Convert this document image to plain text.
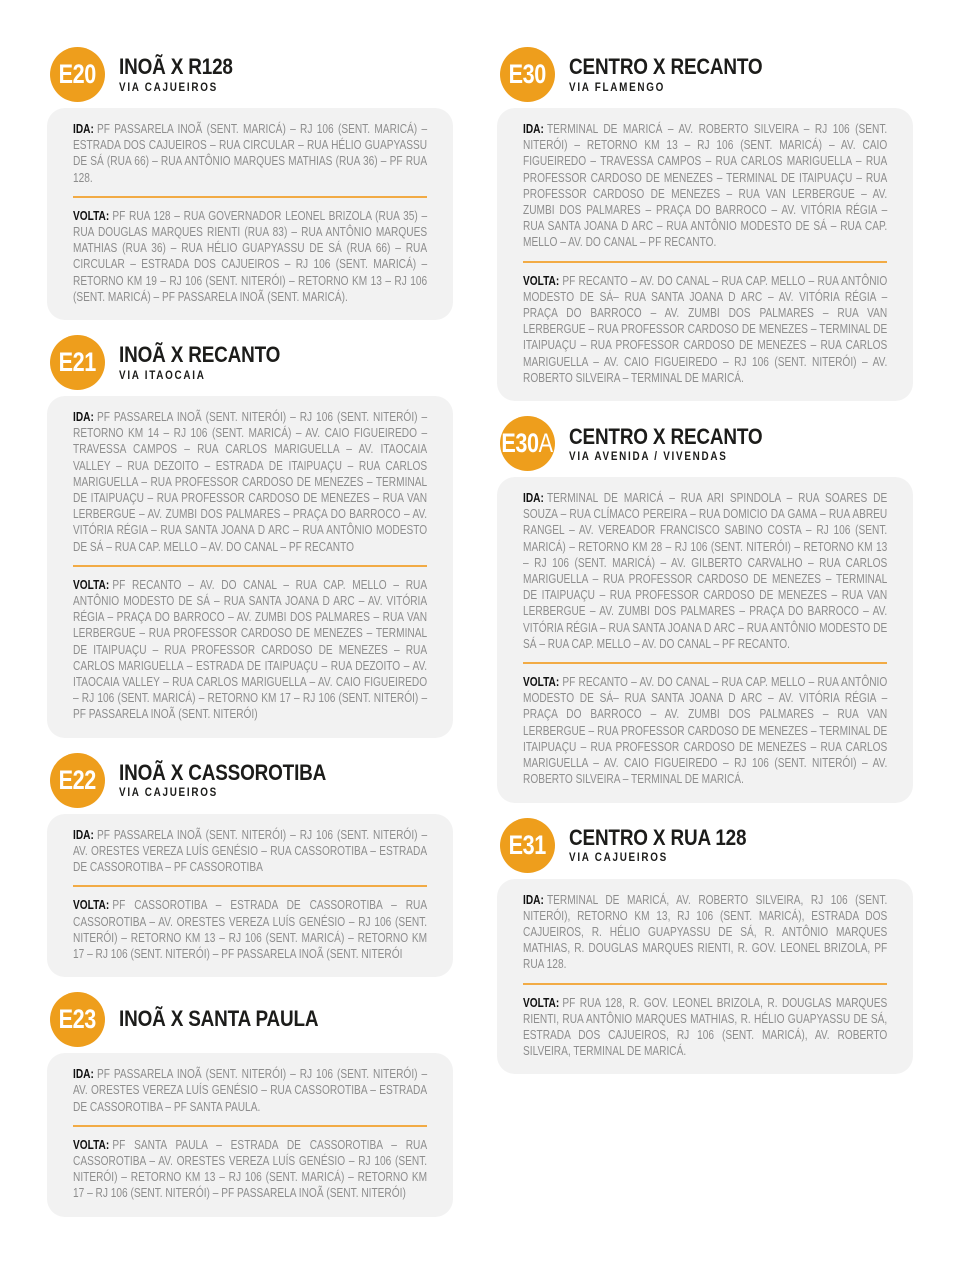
E20 INOÃ X R128
VIA CAJUEIROS

IDA: PF PASSARELA INOÃ (SENT. MARICÁ) – RJ 106 (SENT. MARICÁ) – ESTRADA DOS CAJUEIROS – RUA CIRCULAR – RUA HÉLIO GUAPYASSU DE SÁ (RUA 66) – RUA ANTÔNIO MARQUES MATHIAS (RUA 36) – PF RUA 128.

VOLTA: PF RUA 128 – RUA GOVERNADOR LEONEL BRIZOLA (RUA 35) – RUA DOUGLAS MARQUES RIENTI (RUA 83) – RUA ANTÔNIO MARQUES MATHIAS (RUA 36) – RUA HÉLIO GUAPYASSU DE SÁ (RUA 66) – RUA CIRCULAR – ESTRADA DOS CAJUEIROS – RJ 106 (SENT. MARICÁ) – RETORNO KM 19 – RJ 106 (SENT. NITERÓI) – RETORNO KM 13 – RJ 106 (SENT. MARICÁ) – PF PASSARELA INOÃ (SENT. MARICÁ).

E21 INOÃ X RECANTO
VIA ITAOCAIA

IDA: PF PASSARELA INOÃ (SENT. NITERÓI) – RJ 106 (SENT. NITERÓI) – RETORNO KM 14 – RJ 106 (SENT. MARICÁ) – AV. CAIO FIGUEIREDO – TRAVESSA CAMPOS – RUA CARLOS MARIGUELLA – AV. ITAOCAIA VALLEY – RUA DEZOITO – ESTRADA DE ITAIPUAÇU – RUA CARLOS MARIGUELLA – RUA PROFESSOR CARDOSO DE MENEZES – TERMINAL DE ITAIPUAÇU – RUA PROFESSOR CARDOSO DE MENEZES – RUA VAN LERBERGUE – AV. ZUMBI DOS PALMARES – PRAÇA DO BARROCO – AV. VITÓRIA RÉGIA – RUA SANTA JOANA D ARC – RUA ANTÔNIO MODESTO DE SÁ – RUA CAP. MELLO – AV. DO CANAL – PF RECANTO

VOLTA: PF RECANTO – AV. DO CANAL – RUA CAP. MELLO – RUA ANTÔNIO MODESTO DE SÁ – RUA SANTA JOANA D ARC – AV. VITÓRIA RÉGIA – PRAÇA DO BARROCO – AV. ZUMBI DOS PALMARES – RUA VAN LERBERGUE – RUA PROFESSOR CARDOSO DE MENEZES – TERMINAL DE ITAIPUAÇU – RUA PROFESSOR CARDOSO DE MENEZES – RUA CARLOS MARIGUELLA – ESTRADA DE ITAIPUAÇU – RUA DEZOITO – AV. ITAOCAIA VALLEY – RUA CARLOS MARIGUELLA – AV. CAIO FIGUEIREDO – RJ 106 (SENT. MARICÁ) – RETORNO KM 17 – RJ 106 (SENT. NITERÓI) – PF PASSARELA INOÃ (SENT. NITERÓI)

E22 INOÃ X CASSOROTIBA
VIA CAJUEIROS

IDA: PF PASSARELA INOÃ (SENT. NITERÓI) – RJ 106 (SENT. NITERÓI) – AV. ORESTES VEREZA LUÍS GENÉSIO – RUA CASSOROTIBA – ESTRADA DE CASSOROTIBA – PF CASSOROTIBA

VOLTA: PF CASSOROTIBA – ESTRADA DE CASSOROTIBA – RUA CASSOROTIBA – AV. ORESTES VEREZA LUÍS GENÉSIO – RJ 106 (SENT. NITERÓI) – RETORNO KM 13 – RJ 106 (SENT. MARICÁ) – RETORNO KM 17 – RJ 106 (SENT. NITERÓI) – PF PASSARELA INOÃ (SENT. NITERÓI

E23 INOÃ X SANTA PAULA

IDA: PF PASSARELA INOÃ (SENT. NITERÓI) – RJ 106 (SENT. NITERÓI) – AV. ORESTES VEREZA LUÍS GENÉSIO – RUA CASSOROTIBA – ESTRADA DE CASSOROTIBA – PF SANTA PAULA.

VOLTA: PF SANTA PAULA – ESTRADA DE CASSOROTIBA – RUA CASSOROTIBA – AV. ORESTES VEREZA LUÍS GENÉSIO – RJ 106 (SENT. NITERÓI) – RETORNO KM 13 – RJ 106 (SENT. MARICÁ) – RETORNO KM 17 – RJ 106 (SENT. NITERÓI) – PF PASSARELA INOÃ (SENT. NITERÓI)

E30 CENTRO X RECANTO
VIA FLAMENGO

IDA: TERMINAL DE MARICÁ – AV. ROBERTO SILVEIRA – RJ 106 (SENT. NITERÓI) – RETORNO KM 13 – RJ 106 (SENT. MARICÁ) – AV. CAIO FIGUEIREDO – TRAVESSA CAMPOS – RUA CARLOS MARIGUELLA – RUA PROFESSOR CARDOSO DE MENEZES – TERMINAL DE ITAIPUAÇU – RUA PROFESSOR CARDOSO DE MENEZES – RUA VAN LERBERGUE – AV. ZUMBI DOS PALMARES – PRAÇA DO BARROCO – AV. VITÓRIA RÉGIA – RUA SANTA JOANA D ARC – RUA ANTÔNIO MODESTO DE SÁ – RUA CAP. MELLO – AV. DO CANAL – PF RECANTO.

VOLTA: PF RECANTO – AV. DO CANAL – RUA CAP. MELLO – RUA ANTÔNIO MODESTO DE SÁ– RUA SANTA JOANA D ARC – AV. VITÓRIA RÉGIA – PRAÇA DO BARROCO – AV. ZUMBI DOS PALMARES – RUA VAN LERBERGUE – RUA PROFESSOR CARDOSO DE MENEZES – TERMINAL DE ITAIPUAÇU – RUA PROFESSOR CARDOSO DE MENEZES – RUA CARLOS MARIGUELLA – AV. CAIO FIGUEIREDO – RJ 106 (SENT. NITERÓI) – AV. ROBERTO SILVEIRA – TERMINAL DE MARICÁ.

E30A CENTRO X RECANTO
VIA AVENIDA / VIVENDAS

IDA: TERMINAL DE MARICÁ – RUA ARI SPINDOLA – RUA SOARES DE SOUZA – RUA CLÍMACO PEREIRA – RUA DOMICIO DA GAMA – RUA ABREU RANGEL – AV. VEREADOR FRANCISCO SABINO COSTA – RJ 106 (SENT. MARICÁ) – RETORNO KM 28 – RJ 106 (SENT. NITERÓI) – RETORNO KM 13 – RJ 106 (SENT. MARICÁ) – AV. GILBERTO CARVALHO – RUA CARLOS MARIGUELLA – RUA PROFESSOR CARDOSO DE MENEZES – TERMINAL DE ITAIPUAÇU – RUA PROFESSOR CARDOSO DE MENEZES – RUA VAN LERBERGUE – AV. ZUMBI DOS PALMARES – PRAÇA DO BARROCO – AV. VITÓRIA RÉGIA – RUA SANTA JOANA D ARC – RUA ANTÔNIO MODESTO DE SÁ – RUA CAP. MELLO – AV. DO CANAL – PF RECANTO.

VOLTA: PF RECANTO – AV. DO CANAL – RUA CAP. MELLO – RUA ANTÔNIO MODESTO DE SÁ– RUA SANTA JOANA D ARC – AV. VITÓRIA RÉGIA – PRAÇA DO BARROCO – AV. ZUMBI DOS PALMARES – RUA VAN LERBERGUE – RUA PROFESSOR CARDOSO DE MENEZES – TERMINAL DE ITAIPUAÇU – RUA PROFESSOR CARDOSO DE MENEZES – RUA CARLOS MARIGUELLA – AV. CAIO FIGUEIREDO – RJ 106 (SENT. NITERÓI) – AV. ROBERTO SILVEIRA – TERMINAL DE MARICÁ.

E31 CENTRO X RUA 128
VIA CAJUEIROS

IDA: TERMINAL DE MARICÁ, AV. ROBERTO SILVEIRA, RJ 106 (SENT. NITERÓI), RETORNO KM 13, RJ 106 (SENT. MARICÁ), ESTRADA DOS CAJUEIROS, R. HÉLIO GUAPYASSU DE SÁ, R. ANTÔNIO MARQUES MATHIAS, R. DOUGLAS MARQUES RIENTI, R. GOV. LEONEL BRIZOLA, PF RUA 128.

VOLTA: PF RUA 128, R. GOV. LEONEL BRIZOLA, R. DOUGLAS MARQUES RIENTI, RUA ANTÔNIO MARQUES MATHIAS, R. HÉLIO GUAPYASSU DE SÁ, ESTRADA DOS CAJUEIROS, RJ 106 (SENT. MARICÁ), AV. ROBERTO SILVEIRA, TERMINAL DE MARICÁ.
